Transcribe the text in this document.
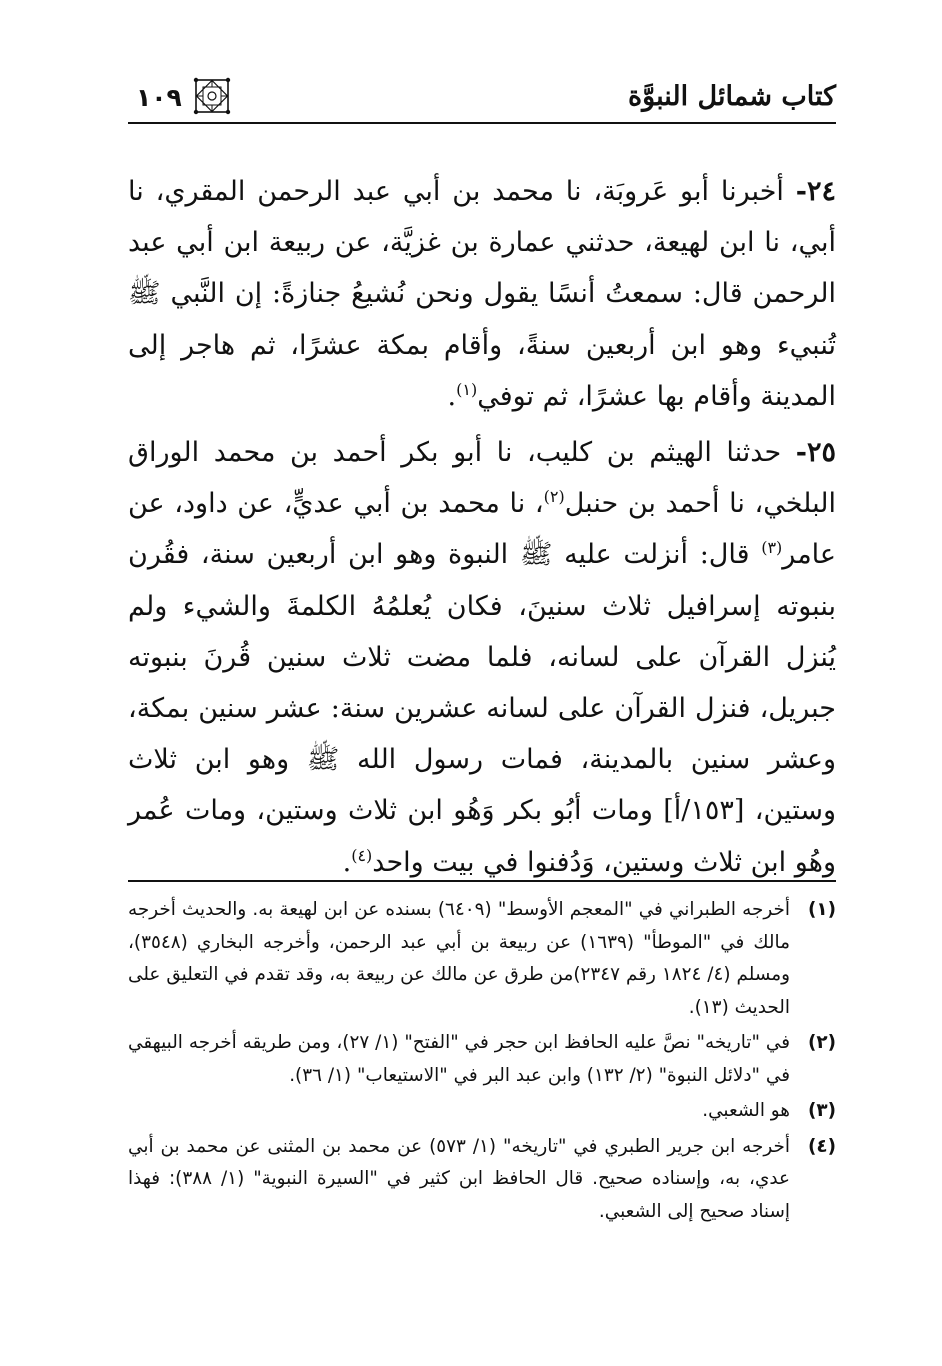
كتاب شمائل النبوَّة
١٠٩

٢٤- أخبرنا أبو عَروبَة، نا محمد بن أبي عبد الرحمن المقري، نا أبي، نا ابن لهيعة، حدثني عمارة بن غزيَّة، عن ربيعة ابن أبي عبد الرحمن قال: سمعتُ أنسًا يقول ونحن نُشيعُ جنازةً: إن النَّبي ﷺ تُنبيء وهو ابن أربعين سنةً، وأقام بمكة عشرًا، ثم هاجر إلى المدينة وأقام بها عشرًا، ثم توفي$^{(١)}$.

٢٥- حدثنا الهيثم بن كليب، نا أبو بكر أحمد بن محمد الوراق البلخي، نا أحمد بن حنبل$^{(٢)}$، نا محمد بن أبي عديٍّ، عن داود، عن عامر$^{(٣)}$ قال: أنزلت عليه ﷺ النبوة وهو ابن أربعين سنة، فقُرن بنبوته إسرافيل ثلاث سنينَ، فكان يُعلمُهُ الكلمةَ والشيء ولم يُنزل القرآن على لسانه، فلما مضت ثلاث سنين قُرنَ بنبوته جبريل، فنزل القرآن على لسانه عشرين سنة: عشر سنين بمكة، وعشر سنين بالمدينة، فمات رسول الله ﷺ وهو ابن ثلاث وستين، [١٥٣/أ] ومات أبُو بكر وَهُو ابن ثلاث وستين، ومات عُمر وهُو ابن ثلاث وستين، وَدُفنوا في بيت واحد$^{(٤)}$.

(١)
أخرجه الطبراني في "المعجم الأوسط" (٦٤٠٩) بسنده عن ابن لهيعة به. والحديث أخرجه مالك في "الموطأ" (١٦٣٩) عن ربيعة بن أبي عبد الرحمن، وأخرجه البخاري (٣٥٤٨)، ومسلم (٤/ ١٨٢٤ رقم ٢٣٤٧)من طرق عن مالك عن ربيعة به، وقد تقدم في التعليق على الحديث (١٣).
(٢)
في "تاريخه" نصَّ عليه الحافظ ابن حجر في "الفتح" (١/ ٢٧)، ومن طريقه أخرجه البيهقي في "دلائل النبوة" (٢/ ١٣٢) وابن عبد البر في "الاستيعاب" (١/ ٣٦).
(٣)
هو الشعبي.
(٤)
أخرجه ابن جرير الطبري في "تاريخه" (١/ ٥٧٣) عن محمد بن المثنى عن محمد بن أبي عدي، به، وإسناده صحيح. قال الحافظ ابن كثير في "السيرة النبوية" (١/ ٣٨٨): فهذا إسناد صحيح إلى الشعبي.
